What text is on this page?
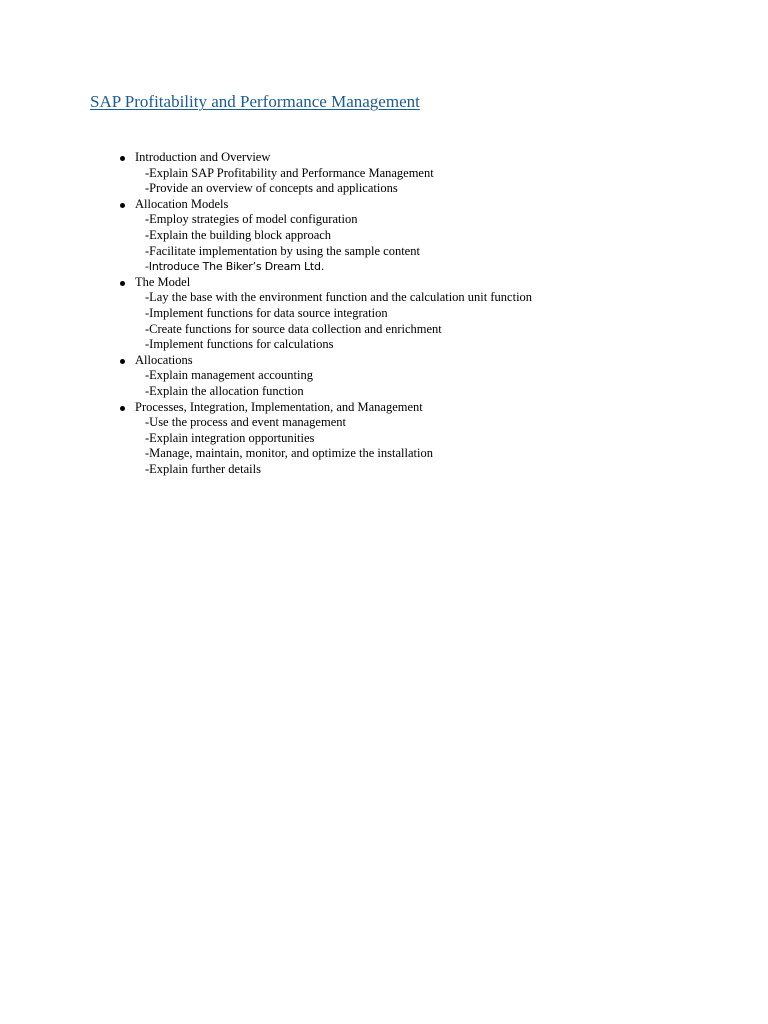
SAP Profitability and Performance Management
Introduction and Overview
-Explain SAP Profitability and Performance Management
-Provide an overview of concepts and applications
Allocation Models
-Employ strategies of model configuration
-Explain the building block approach
-Facilitate implementation by using the sample content
-Introduce The Biker’s Dream Ltd.
The Model
-Lay the base with the environment function and the calculation unit function
-Implement functions for data source integration
-Create functions for source data collection and enrichment
-Implement functions for calculations
Allocations
-Explain management accounting
-Explain the allocation function
Processes, Integration, Implementation, and Management
-Use the process and event management
-Explain integration opportunities
-Manage, maintain, monitor, and optimize the installation
-Explain further details
